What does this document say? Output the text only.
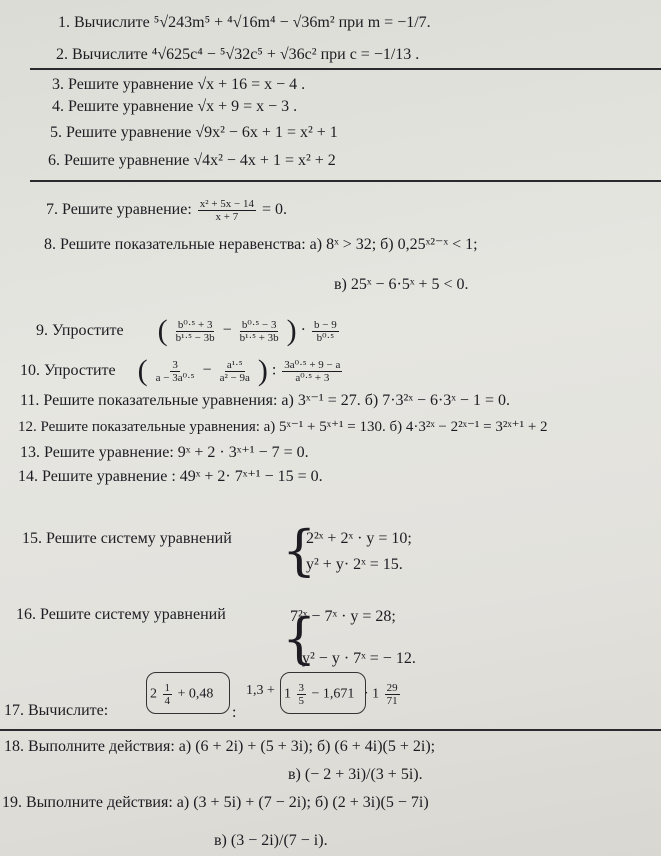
1. Вычислите ⁵√243m⁵ + ⁴√16m⁴ − √36m² при m = −1/7.
2. Вычислите ⁴√625c⁴ − ⁵√32c⁵ + √36c² при c = −1/13 .
3. Решите уравнение √x + 16 = x − 4 .
4. Решите уравнение √x + 9 = x − 3 .
5. Решите уравнение √9x² − 6x + 1 = x² + 1
6. Решите уравнение √4x² − 4x + 1 = x² + 2
7. Решите уравнение: $\frac{\text{x² + 5x − 14}}{x + 7} = 0$.
8. Решите показательные неравенства: а) 8ˣ > 32; б) 0,25ˣ²⁻ˣ < 1;
в) 25ˣ − 6·5ˣ + 5 < 0.
9. Упростите ( $\frac{\text{b⁰·⁵ + 3}}{\text{b¹·⁵ − 3b}} - \frac{\text{b⁰·⁵ − 3}}{\text{b¹·⁵ + 3b}}$ ) · $\frac{b - 9}{\text{b⁰·⁵}}$
10. Упростите ( $\frac{3}{\text{a − 3a⁰·⁵}} - \frac{\text{a¹·⁵}}{\text{a² − 9a}}$ ) : $\frac{\text{3a⁰·⁵ + 9 − a}}{\text{a⁰·⁵ + 3}}$
11. Решите показательные уравнения: а) 3ˣ⁻¹ = 27. б) 7·3²ˣ − 6·3ˣ − 1 = 0.
12. Решите показательные уравнения: а) 5ˣ⁻¹ + 5ˣ⁺¹ = 130. б) 4·3²ˣ − 2²ˣ⁻¹ = 3²ˣ⁺¹ + 2
13. Решите уравнение: 9ˣ + 2 · 3ˣ⁺¹ − 7 = 0.
14. Решите уравнение : 49ˣ + 2· 7ˣ⁺¹ − 15 = 0.
15. Решите систему уравнений {
2²ˣ + 2ˣ · y = 10;
y² + y· 2ˣ = 15.
16. Решите систему уравнений {
7²ˣ − 7ˣ · y = 28;
y² − y · 7ˣ = − 12.
17. Вычислите:
$2 \frac{1}{4} + 0,48$
:
$1,3 + 1 \frac{3}{5} - 1,671 \cdot 1 \frac{29}{71}$
18. Выполните действия: а) (6 + 2i) + (5 + 3i); б) (6 + 4i)(5 + 2i);
в) (− 2 + 3i)/(3 + 5i).
19. Выполните действия: а) (3 + 5i) + (7 − 2i); б) (2 + 3i)(5 − 7i)
в) (3 − 2i)/(7 − i).
